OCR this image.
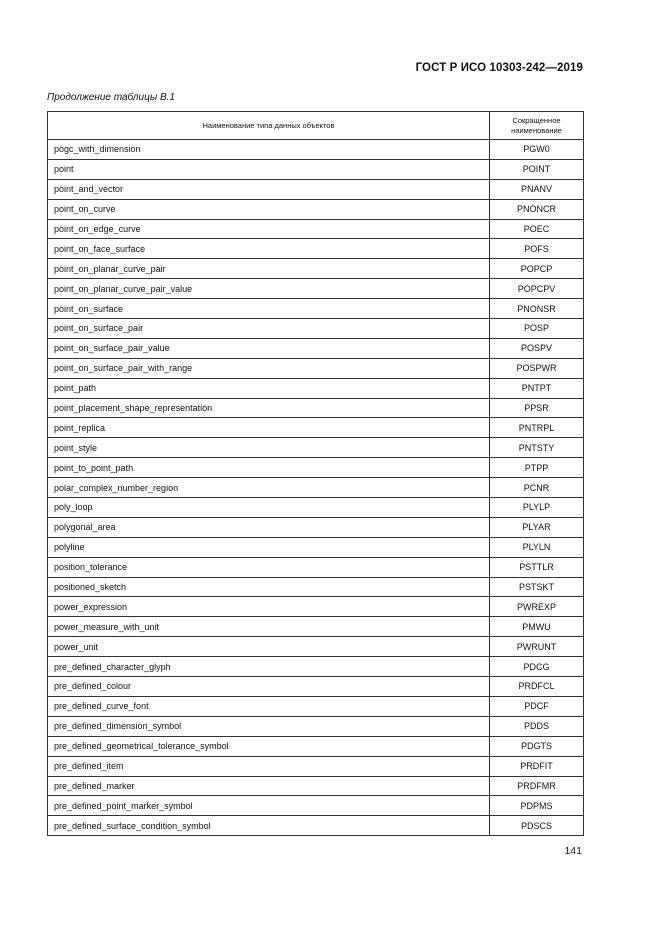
ГОСТ Р ИСО 10303-242—2019
Продолжение таблицы В.1
Наименование типа данных объектов	Сокращенное
наименование
pogc_with_dimension	PGW0
point	POINT
point_and_vector	PNANV
point_on_curve	PNONCR
point_on_edge_curve	POEC
point_on_face_surface	POFS
point_on_planar_curve_pair	POPCP
point_on_planar_curve_pair_value	POPCPV
point_on_surface	PNONSR
point_on_surface_pair	POSP
point_on_surface_pair_value	POSPV
point_on_surface_pair_with_range	POSPWR
point_path	PNTPT
point_placement_shape_representation	PPSR
point_replica	PNTRPL
point_style	PNTSTY
point_to_point_path	PTPP
polar_complex_number_region	PCNR
poly_loop	PLYLP
polygonal_area	PLYAR
polyline	PLYLN
position_tolerance	PSTTLR
positioned_sketch	PSTSKT
power_expression	PWREXP
power_measure_with_unit	PMWU
power_unit	PWRUNT
pre_defined_character_glyph	PDCG
pre_defined_colour	PRDFCL
pre_defined_curve_font	PDCF
pre_defined_dimension_symbol	PDDS
pre_defined_geometrical_tolerance_symbol	PDGTS
pre_defined_item	PRDFIT
pre_defined_marker	PRDFMR
pre_defined_point_marker_symbol	PDPMS
pre_defined_surface_condition_symbol	PDSCS
141
